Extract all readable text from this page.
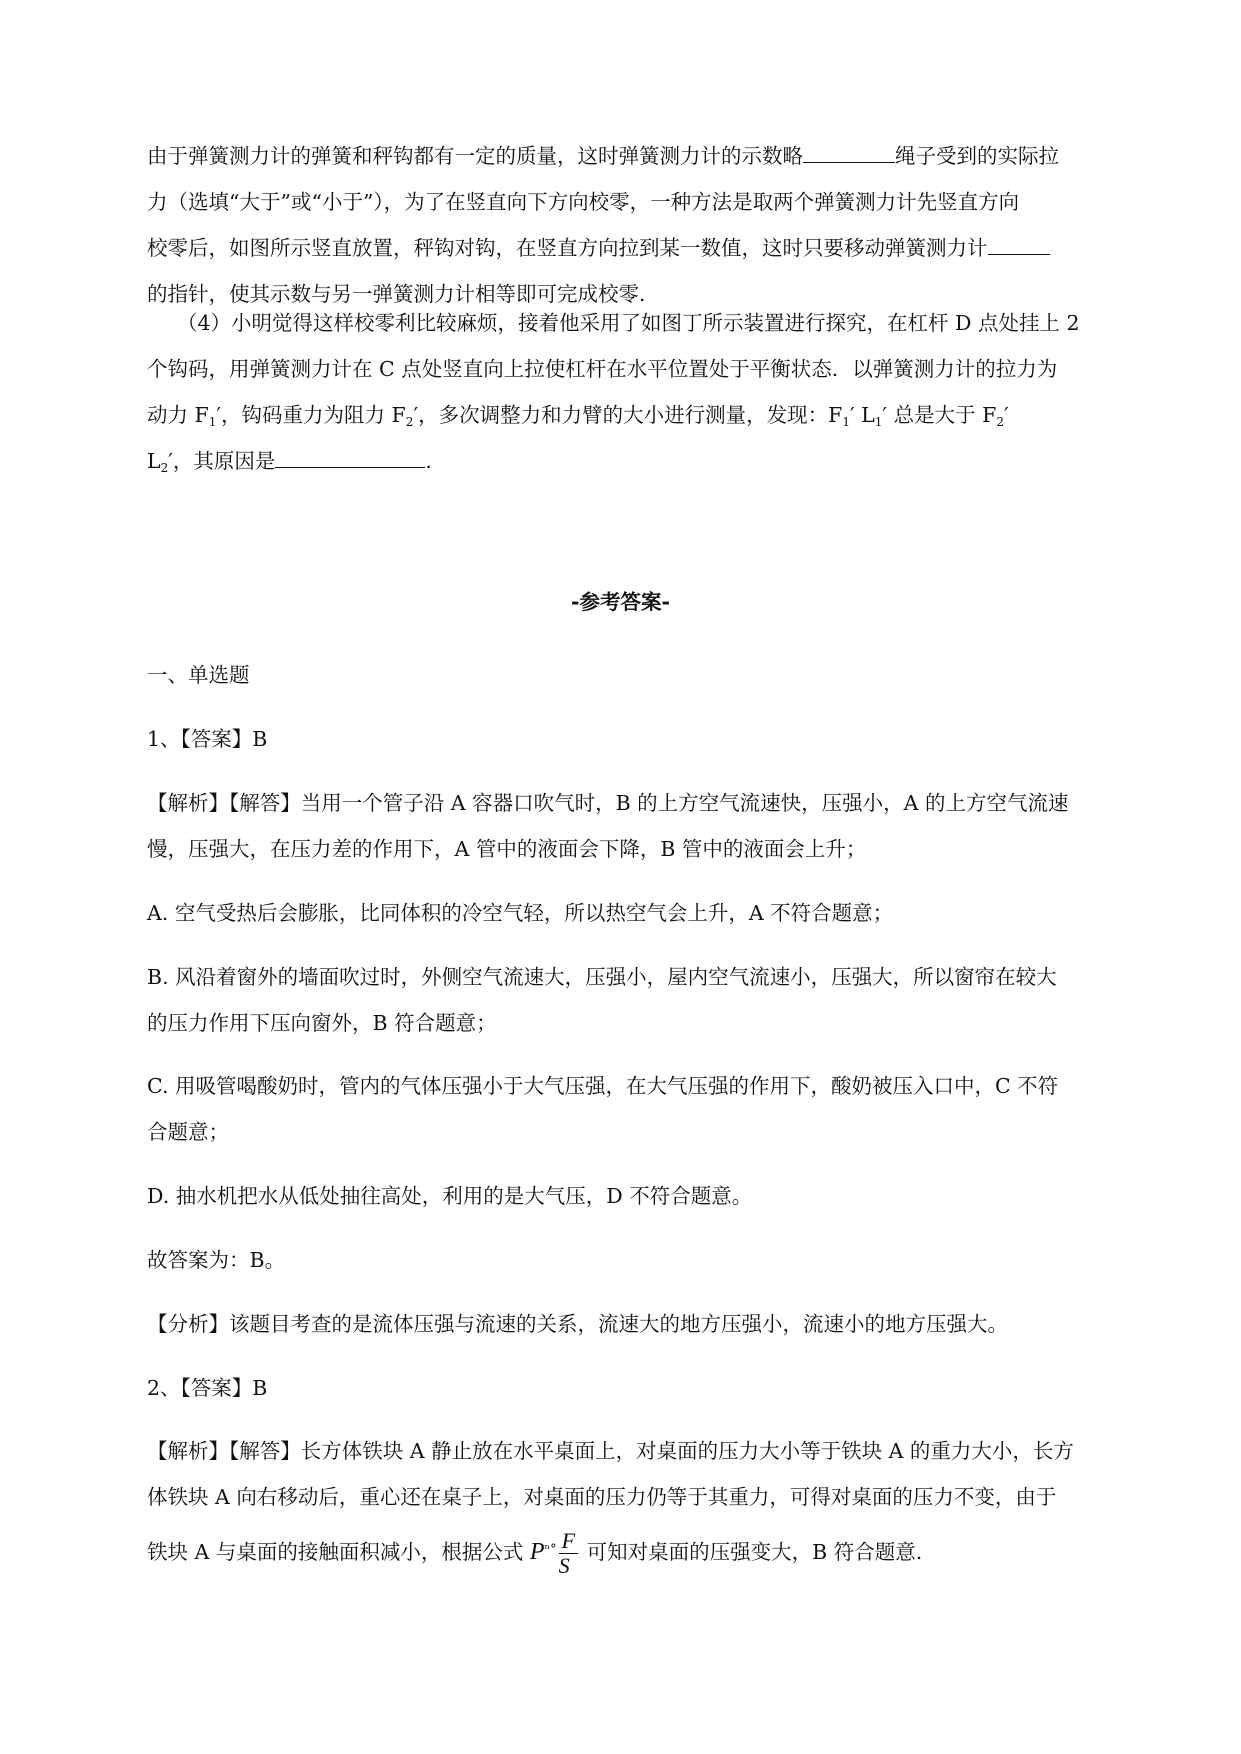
由于弹簧测力计的弹簧和秤钩都有一定的质量，这时弹簧测力计的示数略	绳子受到的实际拉
力（选填“大于”或“小于”），为了在竖直向下方向校零，一种方法是取两个弹簧测力计先竖直方向
校零后，如图所示竖直放置，秤钩对钩，在竖直方向拉到某一数值，这时只要移动弹簧测力计
的指针，使其示数与另一弹簧测力计相等即可完成校零.
（4）小明觉得这样校零利比较麻烦，接着他采用了如图丁所示装置进行探究，在杠杆 D 点处挂上 2
个钩码，用弹簧测力计在 C 点处竖直向上拉使杠杆在水平位置处于平衡状态．以弹簧测力计的拉力为
动力 $F_1'$，钩码重力为阻力 $F_2'$，多次调整力和力臂的大小进行测量，发现：$F_1'$ $L_1'$ 总是大于 $F_2'$
$L_2'$，其原因是	.
-参考答案-
一、单选题
1、【答案】B
【解析】【解答】当用一个管子沿 A 容器口吹气时，B 的上方空气流速快，压强小，A 的上方空气流速
慢，压强大，在压力差的作用下，A 管中的液面会下降，B 管中的液面会上升；
A. 空气受热后会膨胀，比同体积的冷空气轻，所以热空气会上升，A 不符合题意；
B. 风沿着窗外的墙面吹过时，外侧空气流速大，压强小，屋内空气流速小，压强大，所以窗帘在较大
的压力作用下压向窗外，B 符合题意；
C. 用吸管喝酸奶时，管内的气体压强小于大气压强，在大气压强的作用下，酸奶被压入口中，C 不符
合题意；
D. 抽水机把水从低处抽往高处，利用的是大气压，D 不符合题意。
故答案为：B。
【分析】该题目考查的是流体压强与流速的关系，流速大的地方压强小，流速小的地方压强大。
2、【答案】B
【解析】【解答】长方体铁块 A 静止放在水平桌面上，对桌面的压力大小等于铁块 A 的重力大小，长方
体铁块 A 向右移动后，重心还在桌子上，对桌面的压力仍等于其重力，可得对桌面的压力不变，由于
铁块 A 与桌面的接触面积减小，根据公式 $P^{^n^\circ} \frac{F}{S}$ 可知对桌面的压强变大，B 符合题意.
